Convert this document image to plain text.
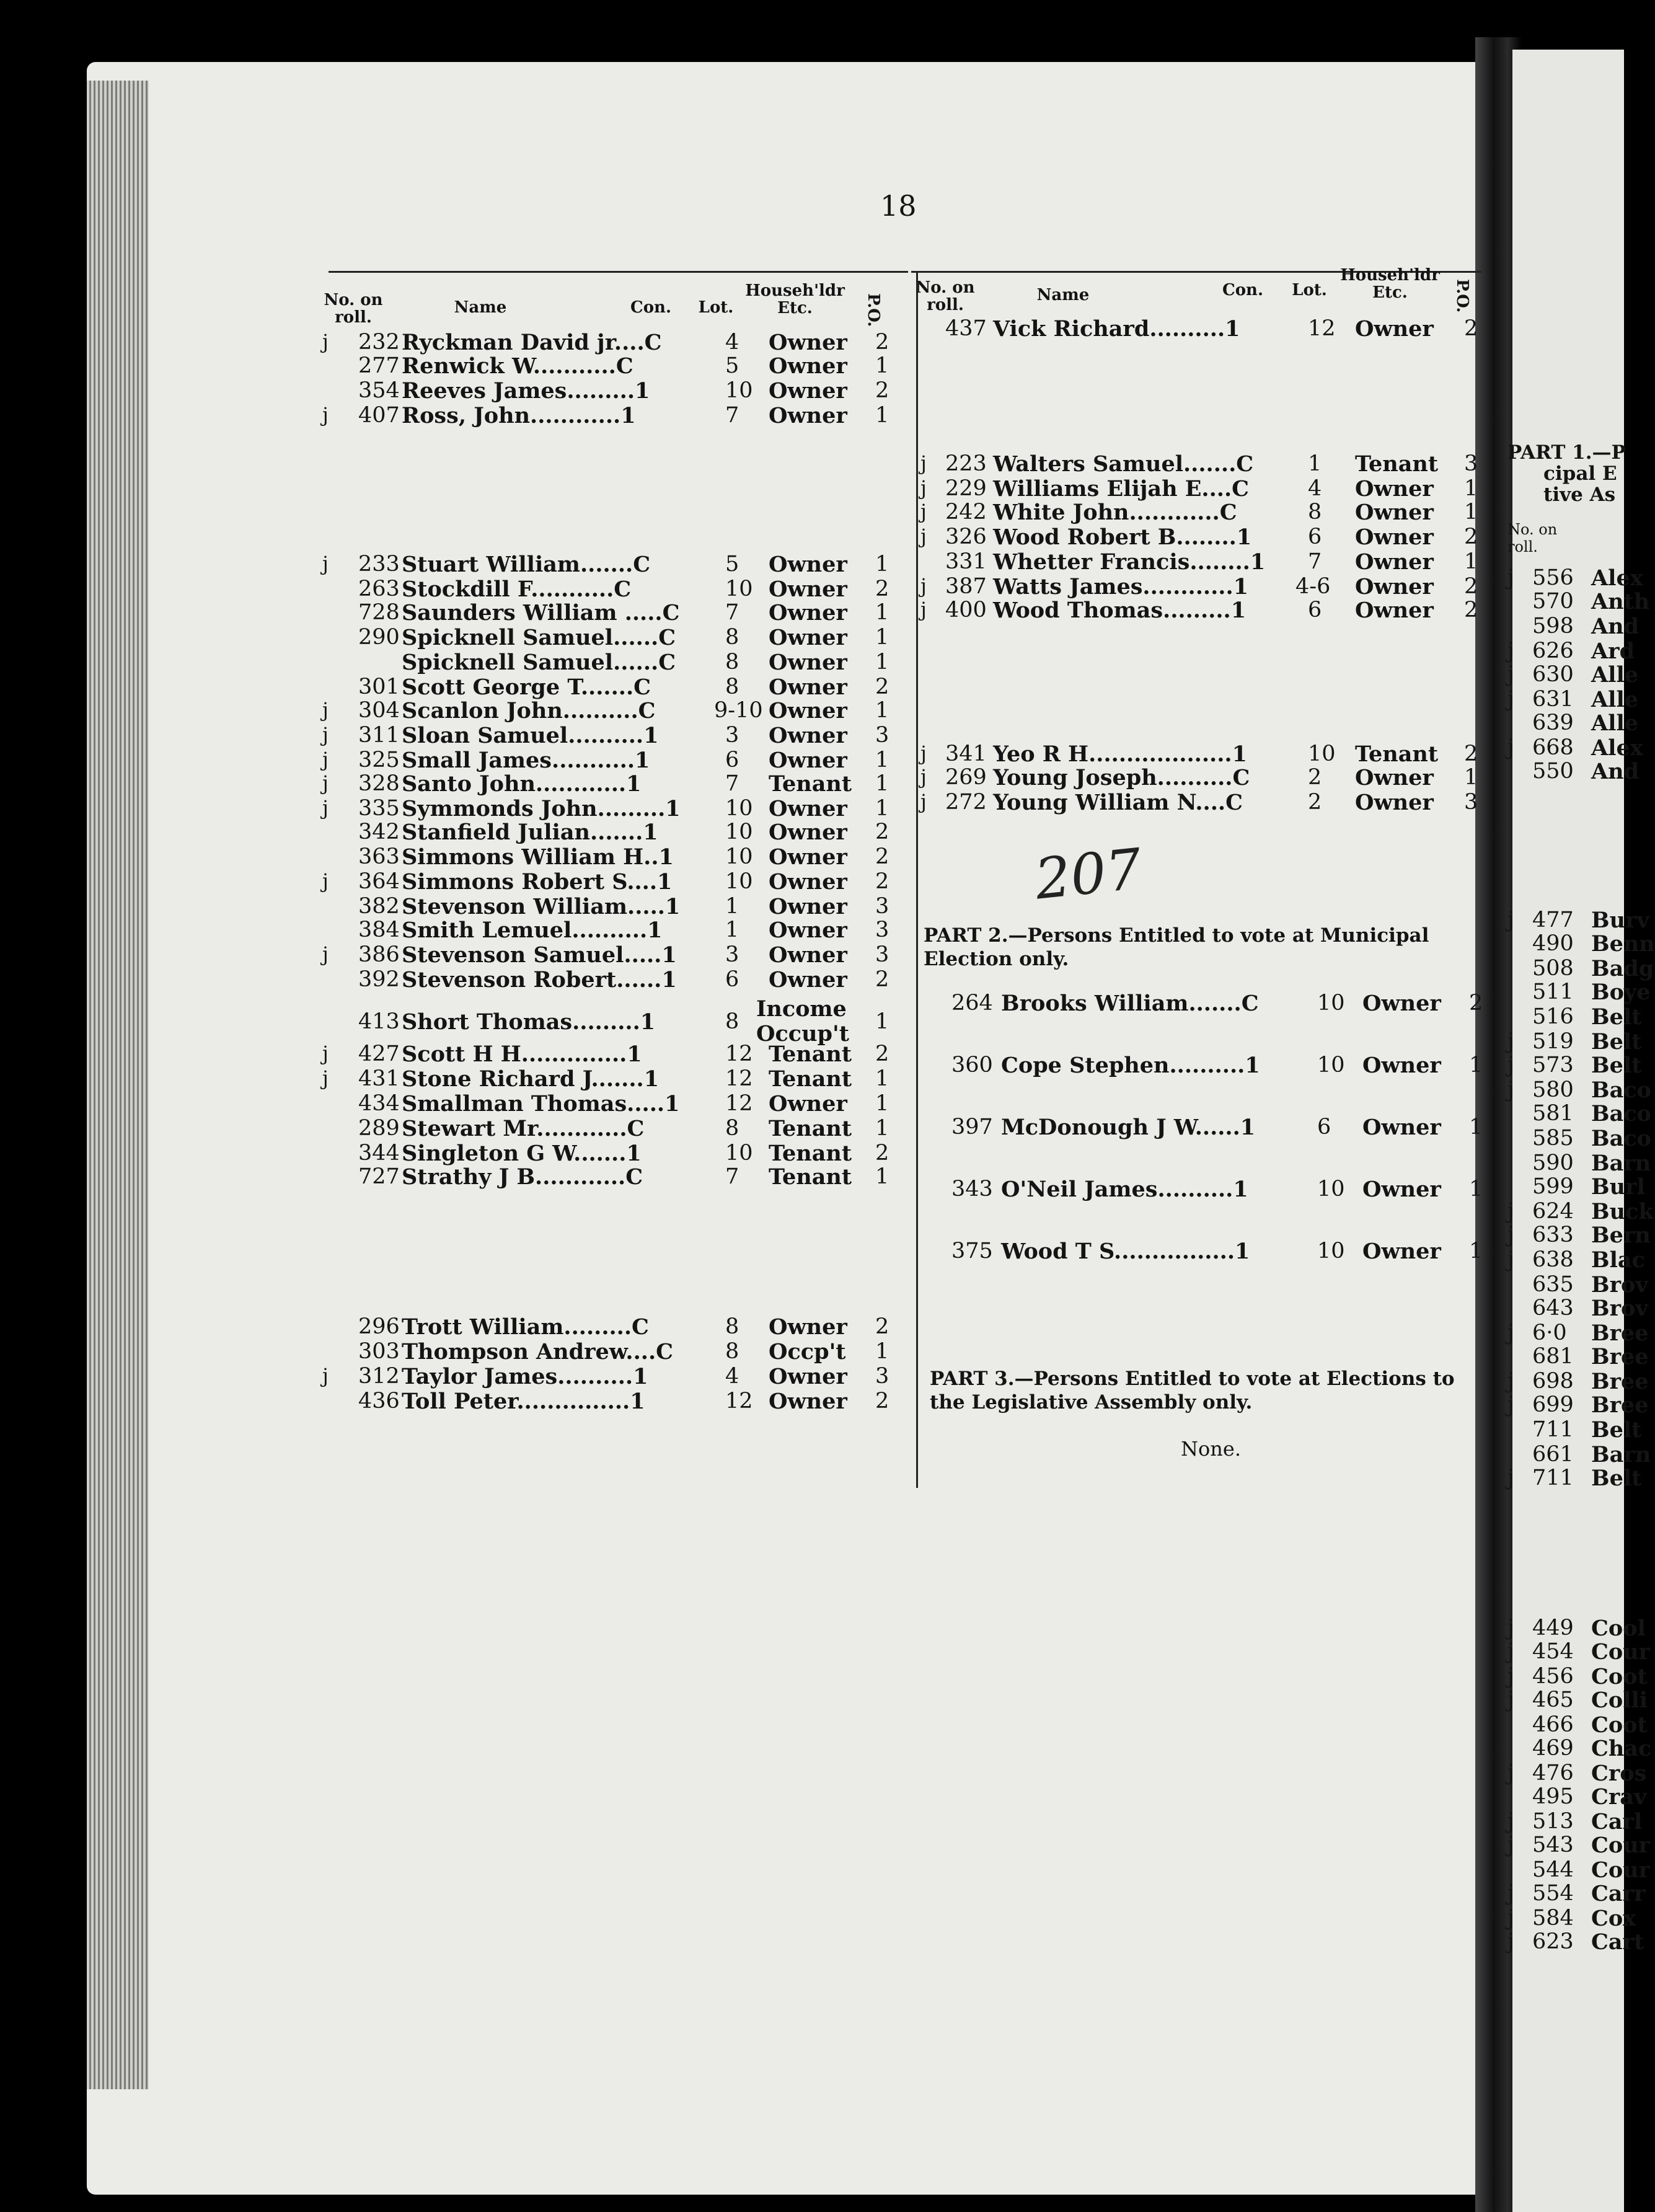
18
No. on roll.
Name	Con. Lot.
Househ'ldr Etc.	P.O.
No. on roll.
Name	Con.	Lot.
Househ'ldr Etc.	P.O.
j 232 Ryckman David jr....C	4 Owner 2
277 Renwick W...........C	5 Owner 1
354 Reeves James.........1	10 Owner 2
j 407 Ross, John............1	7 Owner 1
j 233 Stuart William.......C	5 Owner 1
263 Stockdill F...........C	10 Owner 2
728 Saunders William .....C 7 Owner 1
290 Spicknell Samuel......C 8 Owner 1
Spicknell Samuel......C 8 Owner 1
301 Scott George T.......C	8 Owner 2
j 304 Scanlon John..........C	9-10 Owner 1
j 311 Sloan Samuel..........1	3 Owner 3
j 325 Small James...........1	6 Owner 1
j 328 Santo John............1	7 Tenant 1
j 335 Symmonds John.........1 10 Owner 1
342 Stanfield Julian.......1	10 Owner 2
363 Simmons William H..1 10 Owner 2
j 364 Simmons Robert S....1 10 Owner 2
382 Stevenson William.....1 1 Owner 3
384 Smith Lemuel..........1	1 Owner 3
j 386 Stevenson Samuel.....1 3 Owner 3
392 Stevenson Robert......1 6 Owner 2
413 Short Thomas.........1	8 Income Occup't 1
j 427 Scott H H..............1	12 Tenant 2
j 431 Stone Richard J.......1	12 Tenant 1
434 Smallman Thomas.....1 12 Owner 1
289 Stewart Mr............C	8 Tenant 1
344 Singleton G W.......1	10 Tenant 2
727 Strathy J B............C	7 Tenant 1
296 Trott William.........C	8 Owner 2
303 Thompson Andrew....C 8 Occp't 1
j 312 Taylor James..........1	4 Owner 3
436 Toll Peter...............1	12 Owner 2
437 Vick Richard..........1	12 Owner 2
j 223 Walters Samuel.......C	1 Tenant 3
j 229 Williams Elijah E....C	4 Owner 1
j 242 White John............C	8 Owner 1
j 326 Wood Robert B........1	6 Owner 2
331 Whetter Francis........1 7 Owner 1
j 387 Watts James............1 4-6 Owner 2
j 400 Wood Thomas.........1	6 Owner 2
j 341 Yeo R H...................1	10 Tenant 2
j 269 Young Joseph..........C	2 Owner 1
j 272 Young William N....C	2 Owner 3
207
PART 2.—Persons Entitled to vote at Municipal Election only.
264 Brooks William.......C	10 Owner 2
360 Cope Stephen..........1	10 Owner 1
397 McDonough J W......1	6 Owner 1
343 O'Neil James..........1	10 Owner 1
375 Wood T S................1	10 Owner 1
PART 3.—Persons Entitled to vote at Elections to the Legislative Assembly only.
None.
PART 1.—P
cipal E
tive As
No. on roll.
j 556 Alex
570 Anth
598 And
j 626 Ard
j 630 Alle
j 631 Alle
639 Alle
j 668 Alex
550 And
j 477 Burv
490 Benn
508 Badg
511 Boye
516 Belt
j 519 Belt
j 573 Belt
j 580 Baco
581 Baco
585 Baco
590 Barn
599 Burl
j 624 Buck
j 633 Bern
j 638 Blac
635 Brov
643 Brov
j 6·0 Bree
681 Bree
j 698 Bree
j 699 Bree
711 Belt
661 Barn
j 711 Belt
j 449 Cool
j 454 Cour
j 456 Coot
j 465 Colli
466 Coot
469 Chac
j 476 Cros
495 Crav
j 513 Carl
j 543 Cour
544 Cour
j 554 Carr
j 584 Cox
j 623 Cart
